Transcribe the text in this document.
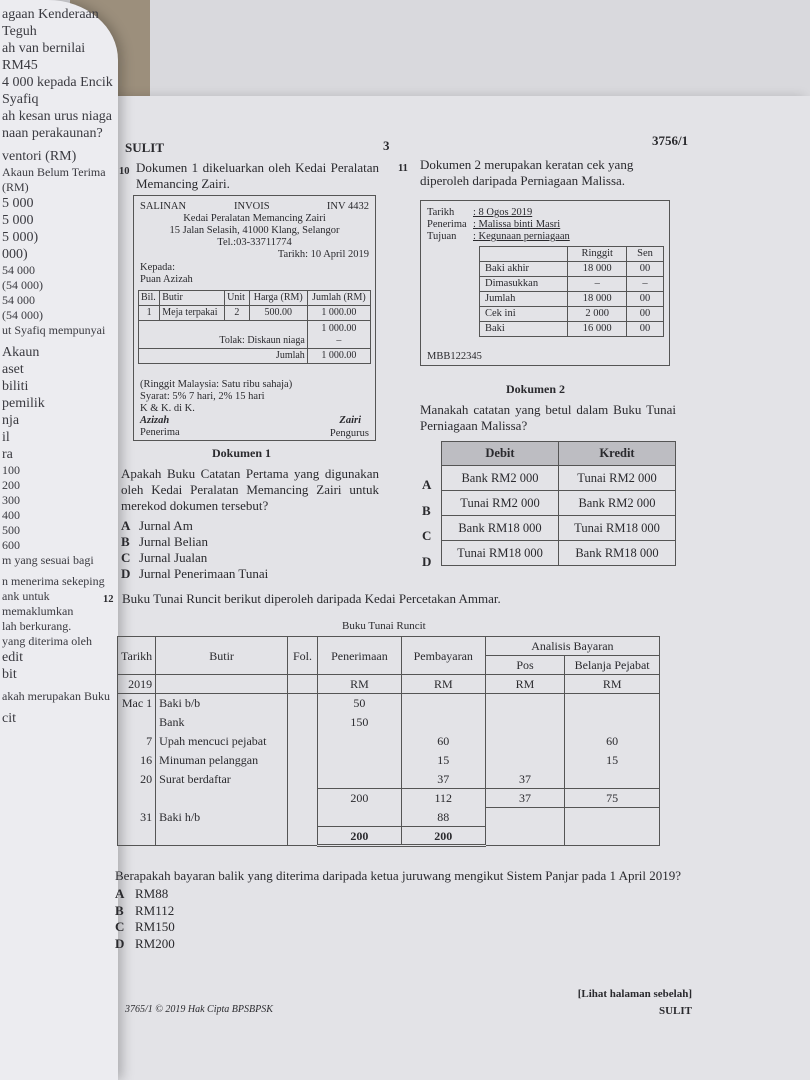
agaan Kenderaan Teguh
ah van bernilai RM45
4 000 kepada Encik Syafiq
ah kesan urus niaga
naan perakaunan?
ventori (RM)
Akaun Belum Terima (RM)
5 000
5 000
5 000)
000)
54 000
(54 000)
54 000
(54 000)
ut Syafiq mempunyai
Akaun
aset
biliti
pemilik
nja
il
ra
100
200
300
400
500
600
m yang sesuai bagi
n menerima sekeping
ank untuk memaklumkan
lah berkurang.
yang diterima oleh
edit
bit
akah merupakan Buku
cit
SULIT	3	3756/1
10 Dokumen 1 dikeluarkan oleh Kedai Peralatan Memancing Zairi.
SALINAN	INVOIS	INV 4432
Kedai Peralatan Memancing Zairi
15 Jalan Selasih, 41000 Klang, Selangor
Tel.:03-33711774
Tarikh: 10 April 2019
Kepada:
Puan Azizah
Bil.	Butir	Unit	Harga (RM)	Jumlah (RM)
1	Meja terpakai	2	500.00	1 000.00
Tolak: Diskaun niaga				1 000.00
–
Jumlah				1 000.00
(Ringgit Malaysia: Satu ribu sahaja)
Syarat: 5% 7 hari, 2% 15 hari
K & K. di K.
Azizah
Penerima
Zairi
Pengurus
Dokumen 1
Apakah Buku Catatan Pertama yang digunakan oleh Kedai Peralatan Memancing Zairi untuk merekod dokumen tersebut?
A Jurnal Am
B Jurnal Belian
C Jurnal Jualan
D Jurnal Penerimaan Tunai
11 Dokumen 2 merupakan keratan cek yang diperoleh daripada Perniagaan Malissa.
Tarikh : 8 Ogos 2019
Penerima : Malissa binti Masri
Tujuan : Kegunaan perniagaan
	Ringgit	Sen
Baki akhir	18 000	00
Dimasukkan	–	–
Jumlah	18 000	00
Cek ini	2 000	00
Baki	16 000	00
MBB122345
Dokumen 2
Manakah catatan yang betul dalam Buku Tunai Perniagaan Malissa?
A
B
C
D
Debit	Kredit
Bank RM2 000	Tunai RM2 000
Tunai RM2 000	Bank RM2 000
Bank RM18 000	Tunai RM18 000
Tunai RM18 000	Bank RM18 000
12 Buku Tunai Runcit berikut diperoleh daripada Kedai Percetakan Ammar.
Buku Tunai Runcit
Tarikh	Butir	Fol.	Penerimaan	Pembayaran	Analisis Bayaran	
					Pos	Belanja Pejabat
2019			RM	RM	RM	RM
Mac 1	Baki b/b		50			
	Bank		150			
7	Upah mencuci pejabat			60		60
16	Minuman pelanggan			15		15
20	Surat berdaftar			37	37	
			200	112	37	75
31	Baki h/b			88		
			200	200		
Berapakah bayaran balik yang diterima daripada ketua juruwang mengikut Sistem Panjar pada 1 April 2019?
A RM88
B RM112
C RM150
D RM200
3765/1 © 2019 Hak Cipta BPSBPSK
[Lihat halaman sebelah]
SULIT
